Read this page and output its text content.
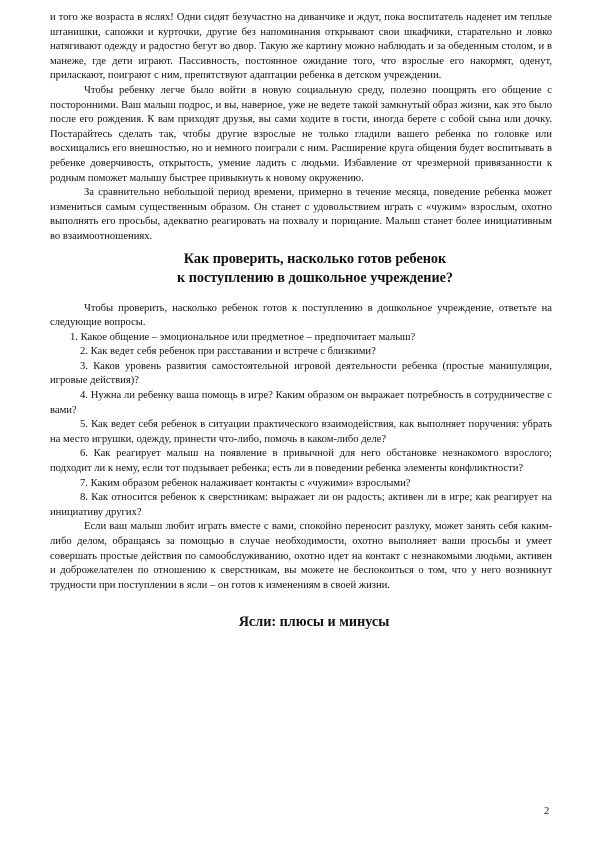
и того же возраста в яслях! Одни сидят безучастно на диванчике и ждут, пока воспитатель наденет им теплые штанишки, сапожки и курточки, другие без напоминания открывают свои шкафчики, старательно и ловко натягивают одежду и радостно бегут во двор. Такую же картину можно наблюдать и за обеденным столом, и в манеже, где дети играют. Пассивность, постоянное ожидание того, что взрослые его накормят, оденут, приласкают, поиграют с ним, препятствуют адаптации ребенка в детском учреждении.

Чтобы ребенку легче было войти в новую социальную среду, полезно поощрять его общение с посторонними. Ваш малыш подрос, и вы, наверное, уже не ведете такой замкнутый образ жизни, как это было после его рождения. К вам приходят друзья, вы сами ходите в гости, иногда берете с собой сына или дочку. Постарайтесь сделать так, чтобы другие взрослые не только гладили вашего ребенка по головке или восхищались его внешностью, но и немного поиграли с ним. Расширение круга общения будет воспитывать в ребенке доверчивость, открытость, умение ладить с людьми. Избавление от чрезмерной привязанности к родным поможет малышу быстрее привыкнуть к новому окружению.

За сравнительно небольшой период времени, примерно в течение месяца, поведение ребенка может измениться самым существенным образом. Он станет с удовольствием играть с «чужим» взрослым, охотно выполнять его просьбы, адекватно реагировать на похвалу и порицание. Малыш станет более инициативным во взаимоотношениях.

Как проверить, насколько готов ребенок
к поступлению в дошкольное учреждение?

Чтобы проверить, насколько ребенок готов к поступлению в дошкольное учреждение, ответьте на следующие вопросы.

1. Какое общение – эмоциональное или предметное – предпочитает малыш?

2. Как ведет себя ребенок при расставании и встрече с близкими?

3. Каков уровень развития самостоятельной игровой деятельности ребенка (простые манипуляции, игровые действия)?

4. Нужна ли ребенку ваша помощь в игре? Каким образом он выражает потребность в сотрудничестве с вами?

5. Как ведет себя ребенок в ситуации практического взаимодействия, как выполняет поручения: убрать на место игрушки, одежду, принести что-либо, помочь в каком-либо деле?

6. Как реагирует малыш на появление в привычной для него обстановке незнакомого взрослого; подходит ли к нему, если тот подзывает ребенка; есть ли в поведении ребенка элементы конфликтности?

7. Каким образом ребенок налаживает контакты с «чужими» взрослыми?

8. Как относится ребенок к сверстникам: выражает ли он радость; активен ли в игре; как реагирует на инициативу других?

Если ваш малыш любит играть вместе с вами, спокойно переносит разлуку, может занять себя каким-либо делом, обращаясь за помощью в случае необходимости, охотно выполняет ваши просьбы и умеет совершать простые действия по самообслуживанию, охотно идет на контакт с незнакомыми людьми, активен и доброжелателен по отношению к сверстникам, вы можете не беспокоиться о том, что у него возникнут трудности при поступлении в ясли – он готов к изменениям в своей жизни.

Ясли: плюсы и минусы
2
